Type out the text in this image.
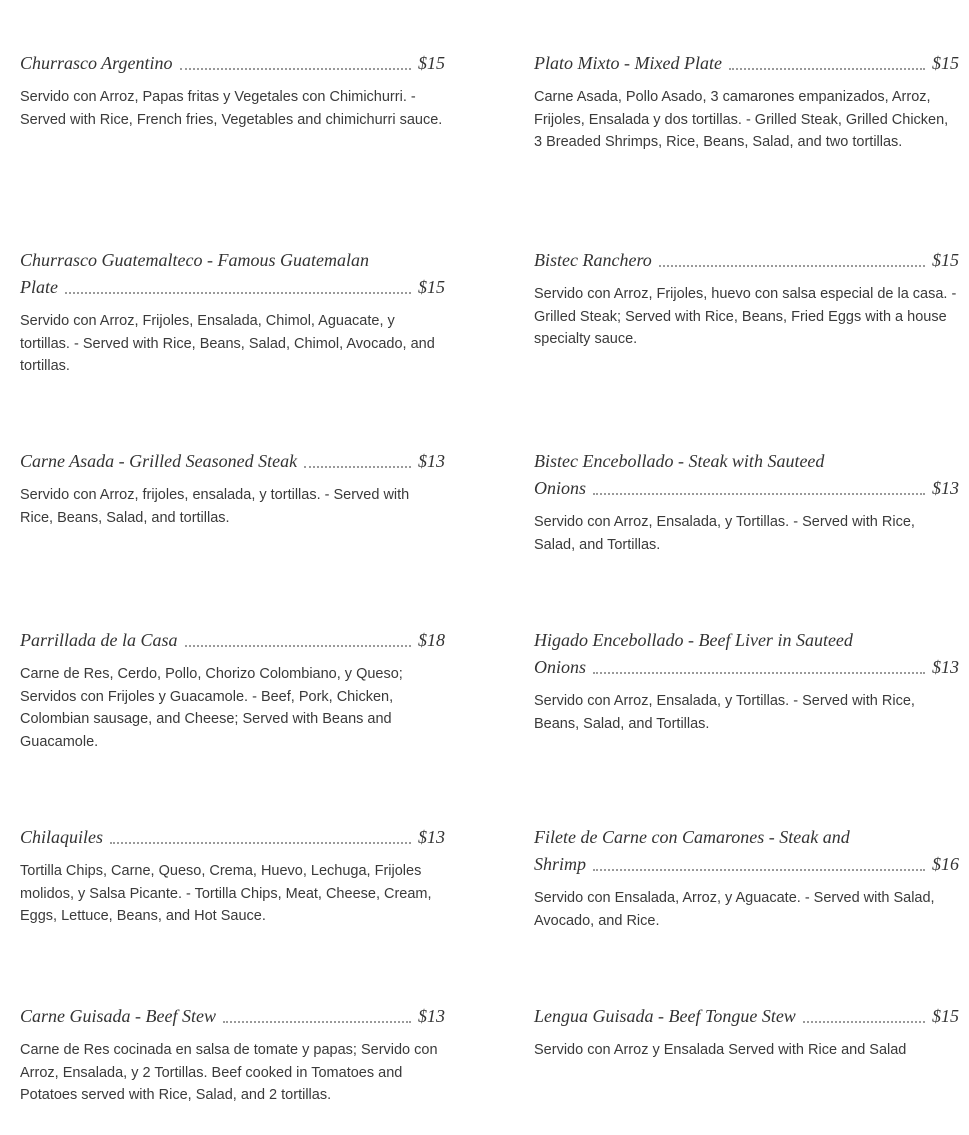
Churrasco Argentino	$15
Servido con Arroz, Papas fritas y Vegetales con Chimichurri. - Served with Rice, French fries, Vegetables and chimichurri sauce.
Churrasco Guatemalteco - Famous Guatemalan
Plate	$15
Servido con Arroz, Frijoles, Ensalada, Chimol, Aguacate, y tortillas. - Served with Rice, Beans, Salad, Chimol, Avocado, and tortillas.
Carne Asada - Grilled Seasoned Steak	$13
Servido con Arroz, frijoles, ensalada, y tortillas. - Served with Rice, Beans, Salad, and tortillas.
Parrillada de la Casa	$18
Carne de Res, Cerdo, Pollo, Chorizo Colombiano, y Queso; Servidos con Frijoles y Guacamole. - Beef, Pork, Chicken, Colombian sausage, and Cheese; Served with Beans and Guacamole.
Chilaquiles	$13
Tortilla Chips, Carne, Queso, Crema, Huevo, Lechuga, Frijoles molidos, y Salsa Picante. - Tortilla Chips, Meat, Cheese, Cream, Eggs, Lettuce, Beans, and Hot Sauce.
Carne Guisada - Beef Stew	$13
Carne de Res cocinada en salsa de tomate y papas; Servido con Arroz, Ensalada, y 2 Tortillas. Beef cooked in Tomatoes and Potatoes served with Rice, Salad, and 2 tortillas.
Plato Mixto - Mixed Plate	$15
Carne Asada, Pollo Asado, 3 camarones empanizados, Arroz, Frijoles, Ensalada y dos tortillas. - Grilled Steak, Grilled Chicken, 3 Breaded Shrimps, Rice, Beans, Salad, and two tortillas.
Bistec Ranchero	$15
Servido con Arroz, Frijoles, huevo con salsa especial de la casa. - Grilled Steak; Served with Rice, Beans, Fried Eggs with a house specialty sauce.
Bistec Encebollado - Steak with Sauteed
Onions	$13
Servido con Arroz, Ensalada, y Tortillas. - Served with Rice, Salad, and Tortillas.
Higado Encebollado - Beef Liver in Sauteed
Onions	$13
Servido con Arroz, Ensalada, y Tortillas. - Served with Rice, Beans, Salad, and Tortillas.
Filete de Carne con Camarones - Steak and
Shrimp	$16
Servido con Ensalada, Arroz, y Aguacate. - Served with Salad, Avocado, and Rice.
Lengua Guisada - Beef Tongue Stew	$15
Servido con Arroz y Ensalada Served with Rice and Salad
